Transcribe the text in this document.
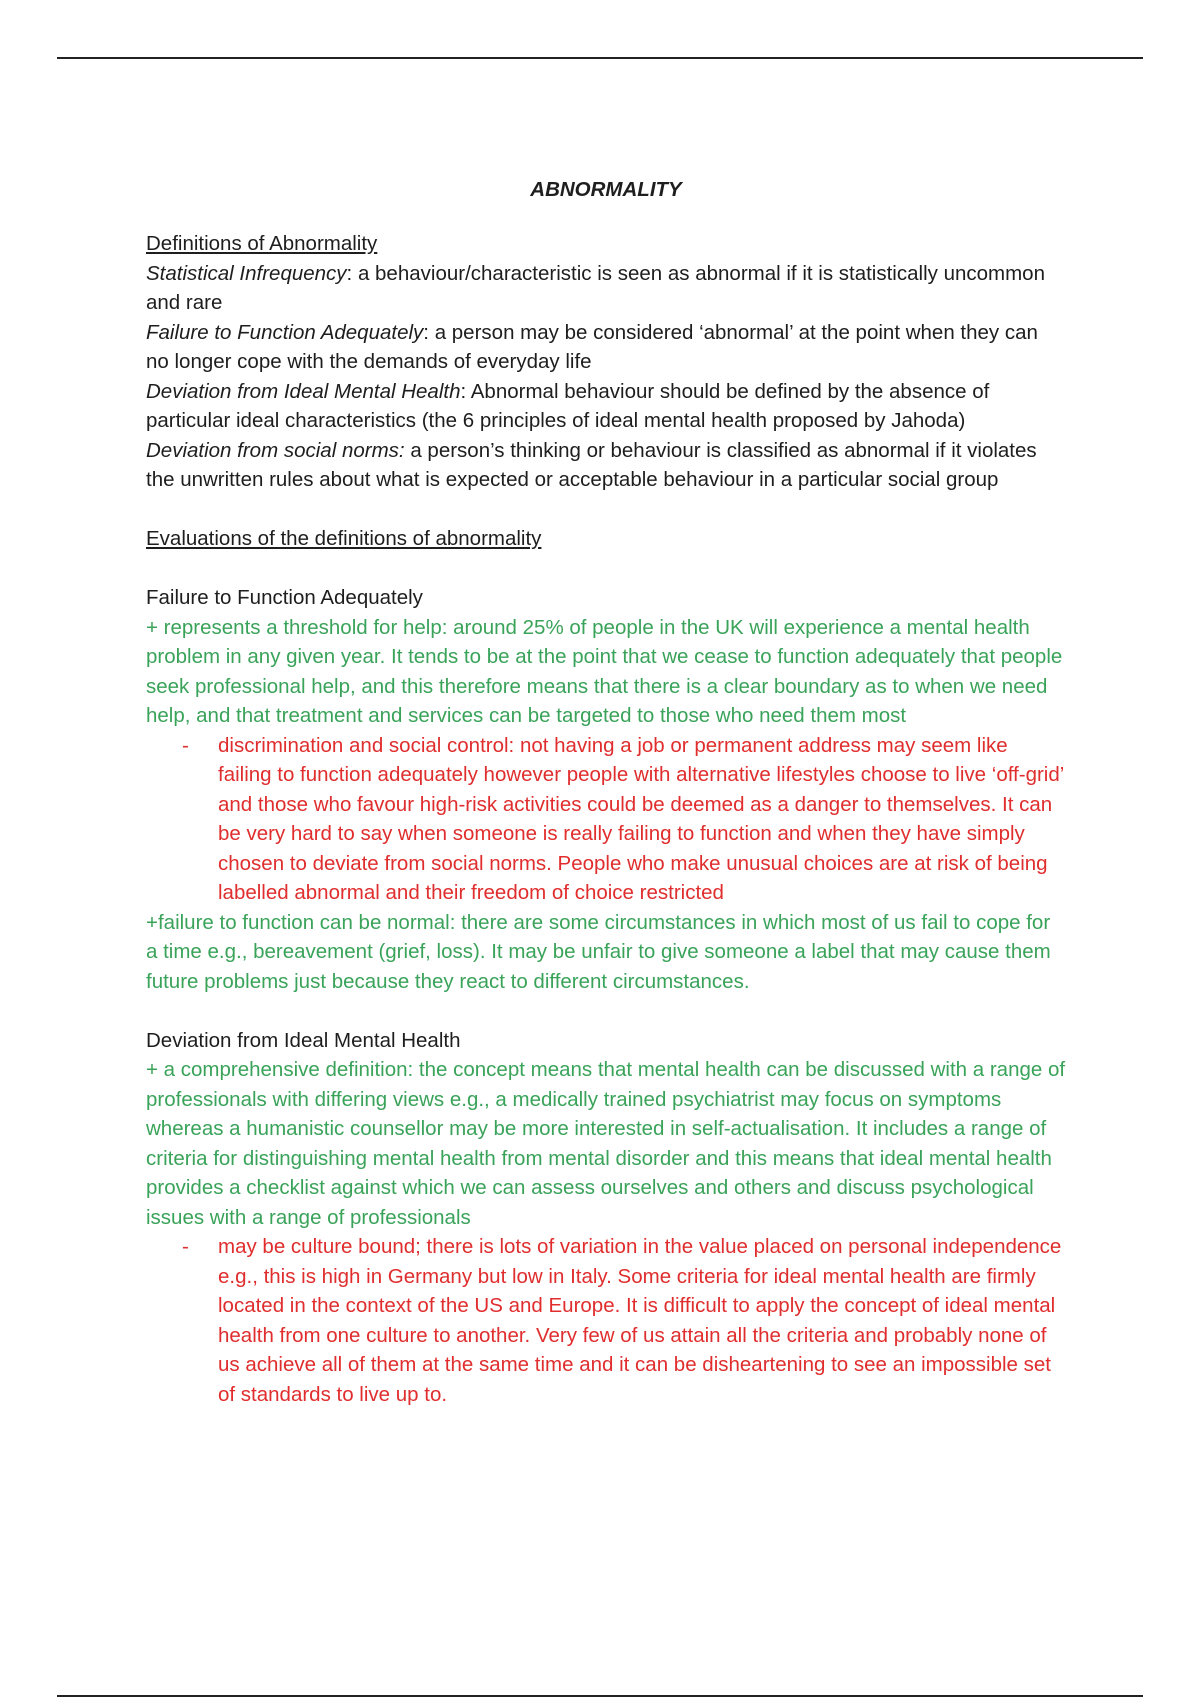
ABNORMALITY

Definitions of Abnormality

Statistical Infrequency: a behaviour/characteristic is seen as abnormal if it is statistically uncommon and rare

Failure to Function Adequately: a person may be considered ‘abnormal’ at the point when they can no longer cope with the demands of everyday life

Deviation from Ideal Mental Health: Abnormal behaviour should be defined by the absence of particular ideal characteristics (the 6 principles of ideal mental health proposed by Jahoda)

Deviation from social norms: a person’s thinking or behaviour is classified as abnormal if it violates the unwritten rules about what is expected or acceptable behaviour in a particular social group

Evaluations of the definitions of abnormality

Failure to Function Adequately

+ represents a threshold for help: around 25% of people in the UK will experience a mental health problem in any given year. It tends to be at the point that we cease to function adequately that people seek professional help, and this therefore means that there is a clear boundary as to when we need help, and that treatment and services can be targeted to those who need them most

- discrimination and social control: not having a job or permanent address may seem like failing to function adequately however people with alternative lifestyles choose to live ‘off-grid’ and those who favour high-risk activities could be deemed as a danger to themselves. It can be very hard to say when someone is really failing to function and when they have simply chosen to deviate from social norms. People who make unusual choices are at risk of being labelled abnormal and their freedom of choice restricted

+failure to function can be normal: there are some circumstances in which most of us fail to cope for a time e.g., bereavement (grief, loss). It may be unfair to give someone a label that may cause them future problems just because they react to different circumstances.

Deviation from Ideal Mental Health

+ a comprehensive definition: the concept means that mental health can be discussed with a range of professionals with differing views e.g., a medically trained psychiatrist may focus on symptoms whereas a humanistic counsellor may be more interested in self-actualisation. It includes a range of criteria for distinguishing mental health from mental disorder and this means that ideal mental health provides a checklist against which we can assess ourselves and others and discuss psychological issues with a range of professionals

- may be culture bound; there is lots of variation in the value placed on personal independence e.g., this is high in Germany but low in Italy. Some criteria for ideal mental health are firmly located in the context of the US and Europe. It is difficult to apply the concept of ideal mental health from one culture to another. Very few of us attain all the criteria and probably none of us achieve all of them at the same time and it can be disheartening to see an impossible set of standards to live up to.
